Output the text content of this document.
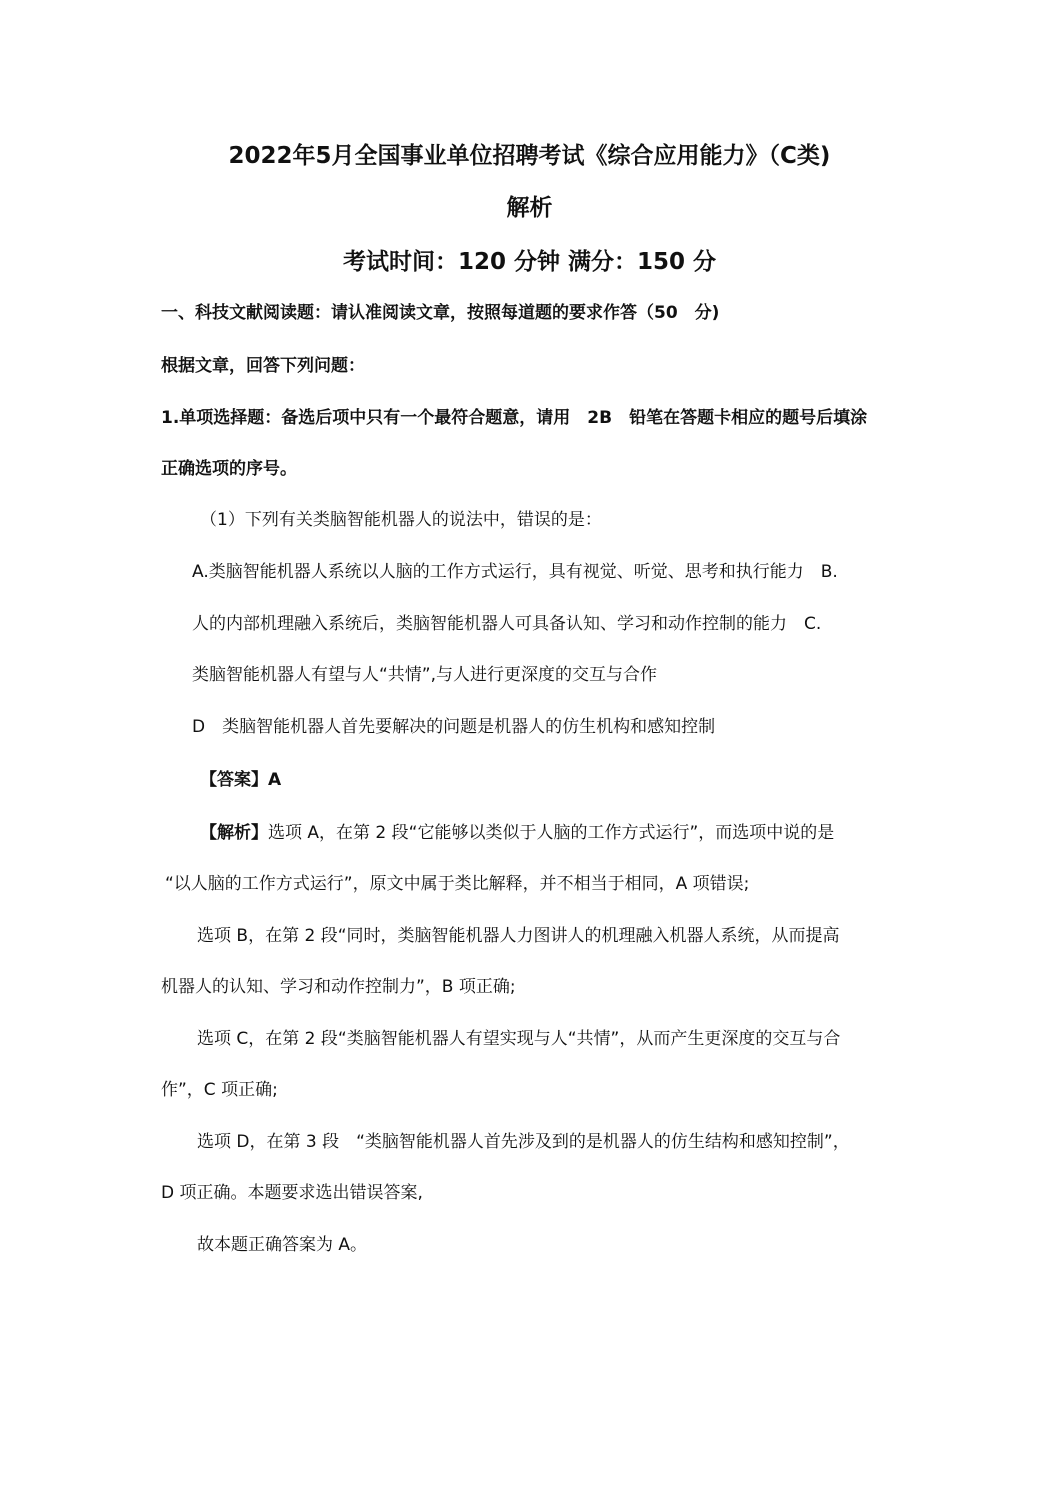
2022年5月全国事业单位招聘考试《综合应用能力》（C类)
解析
考试时间：120 分钟 满分：150 分
一、科技文献阅读题：请认准阅读文章，按照每道题的要求作答（50　分)
根据文章，回答下列问题：
1.单项选择题：备选后项中只有一个最符合题意，请用　2B　铅笔在答题卡相应的题号后填涂
正确选项的序号。
（1）下列有关类脑智能机器人的说法中，错误的是：
A.类脑智能机器人系统以人脑的工作方式运行，具有视觉、听觉、思考和执行能力　B.
人的内部机理融入系统后，类脑智能机器人可具备认知、学习和动作控制的能力　C.
类脑智能机器人有望与人“共情”,与人进行更深度的交互与合作
D　类脑智能机器人首先要解决的问题是机器人的仿生机构和感知控制
【答案】A
【解析】选项 A，在第 2 段“它能够以类似于人脑的工作方式运行”，而选项中说的是
“以人脑的工作方式运行”，原文中属于类比解释，并不相当于相同，A 项错误;
选项 B，在第 2 段“同时，类脑智能机器人力图讲人的机理融入机器人系统，从而提高
机器人的认知、学习和动作控制力”，B 项正确;
选项 C，在第 2 段“类脑智能机器人有望实现与人“共情”，从而产生更深度的交互与合
作”，C 项正确;
选项 D，在第 3 段　“类脑智能机器人首先涉及到的是机器人的仿生结构和感知控制”，
D 项正确。本题要求选出错误答案,
故本题正确答案为 A。
